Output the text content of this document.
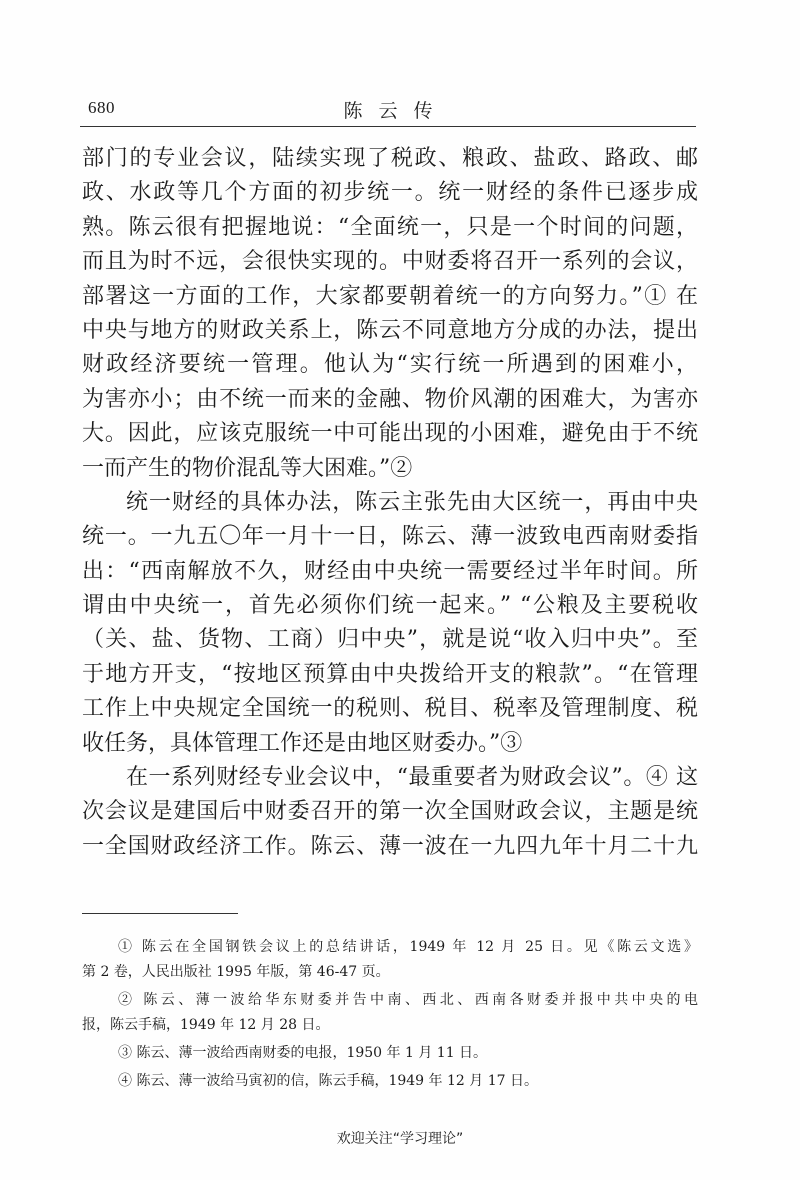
680	陈云传
部门的专业会议，陆续实现了税政、粮政、盐政、路政、邮
政、水政等几个方面的初步统一。统一财经的条件已逐步成
熟。陈云很有把握地说：“全面统一，只是一个时间的问题，
而且为时不远，会很快实现的。中财委将召开一系列的会议，
部署这一方面的工作，大家都要朝着统一的方向努力。”① 在
中央与地方的财政关系上，陈云不同意地方分成的办法，提出
财政经济要统一管理。他认为“实行统一所遇到的困难小，
为害亦小；由不统一而来的金融、物价风潮的困难大，为害亦
大。因此，应该克服统一中可能出现的小困难，避免由于不统
一而产生的物价混乱等大困难。”②
统一财经的具体办法，陈云主张先由大区统一，再由中央
统一。一九五〇年一月十一日，陈云、薄一波致电西南财委指
出：“西南解放不久，财经由中央统一需要经过半年时间。所
谓由中央统一，首先必须你们统一起来。” “公粮及主要税收
（关、盐、货物、工商）归中央”，就是说“收入归中央”。至
于地方开支，“按地区预算由中央拨给开支的粮款”。“在管理
工作上中央规定全国统一的税则、税目、税率及管理制度、税
收任务，具体管理工作还是由地区财委办。”③
在一系列财经专业会议中，“最重要者为财政会议”。④ 这
次会议是建国后中财委召开的第一次全国财政会议，主题是统
一全国财政经济工作。陈云、薄一波在一九四九年十月二十九
① 陈云在全国钢铁会议上的总结讲话，1949 年 12 月 25 日。见《陈云文选》
第 2 卷，人民出版社 1995 年版，第 46-47 页。
② 陈云、薄一波给华东财委并告中南、西北、西南各财委并报中共中央的电
报，陈云手稿，1949 年 12 月 28 日。
③ 陈云、薄一波给西南财委的电报，1950 年 1 月 11 日。
④ 陈云、薄一波给马寅初的信，陈云手稿，1949 年 12 月 17 日。
欢迎关注“学习理论”
